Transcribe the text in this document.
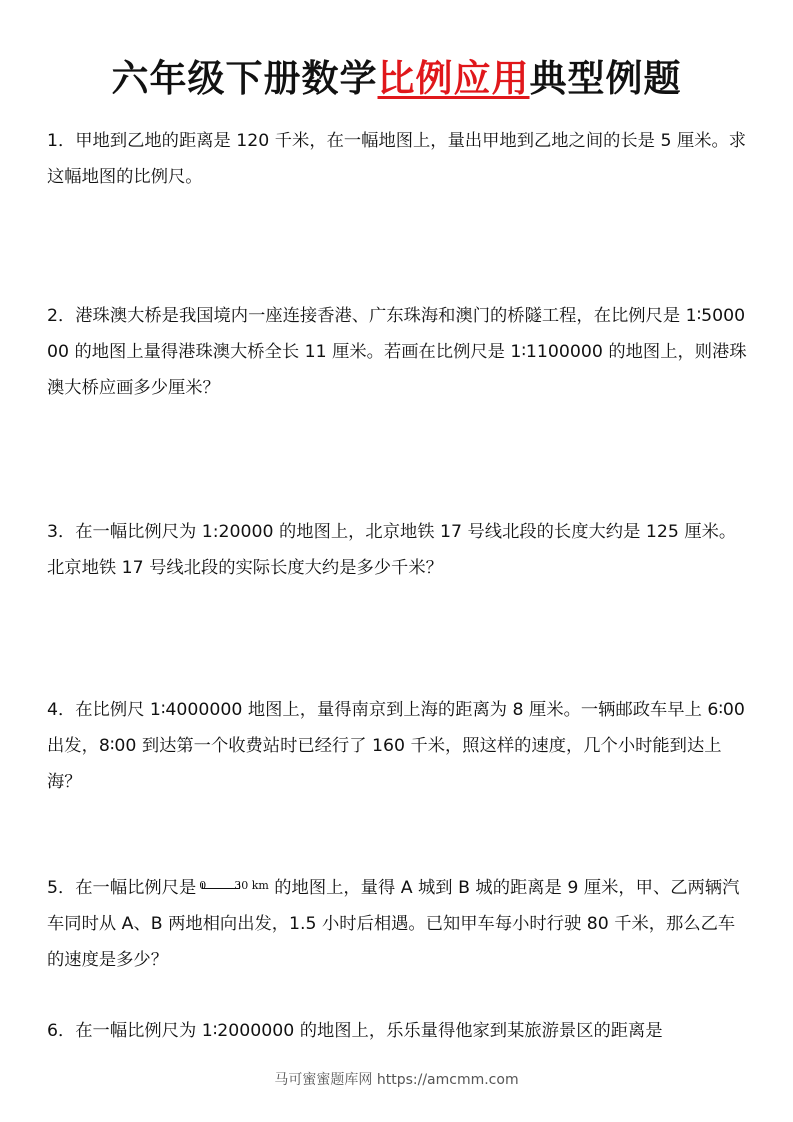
六年级下册数学比例应用典型例题
1．甲地到乙地的距离是 120 千米，在一幅地图上，量出甲地到乙地之间的长是 5 厘米。求这幅地图的比例尺。
2．港珠澳大桥是我国境内一座连接香港、广东珠海和澳门的桥隧工程，在比例尺是 1∶500000 的地图上量得港珠澳大桥全长 11 厘米。若画在比例尺是 1∶1100000 的地图上，则港珠澳大桥应画多少厘米？
3．在一幅比例尺为 1:20000 的地图上，北京地铁 17 号线北段的长度大约是 125 厘米。北京地铁 17 号线北段的实际长度大约是多少千米？
4．在比例尺 1∶4000000 地图上，量得南京到上海的距离为 8 厘米。一辆邮政车早上 6∶00 出发，8∶00 到达第一个收费站时已经行了 160 千米，照这样的速度，几个小时能到达上海？
5．在一幅比例尺是 0	30 km 的地图上，量得 A 城到 B 城的距离是 9 厘米，甲、乙两辆汽车同时从 A、B 两地相向出发，1.5 小时后相遇。已知甲车每小时行驶 80 千米，那么乙车的速度是多少？
6．在一幅比例尺为 1∶2000000 的地图上，乐乐量得他家到某旅游景区的距离是
马可蜜蜜题库网 https://amcmm.com
